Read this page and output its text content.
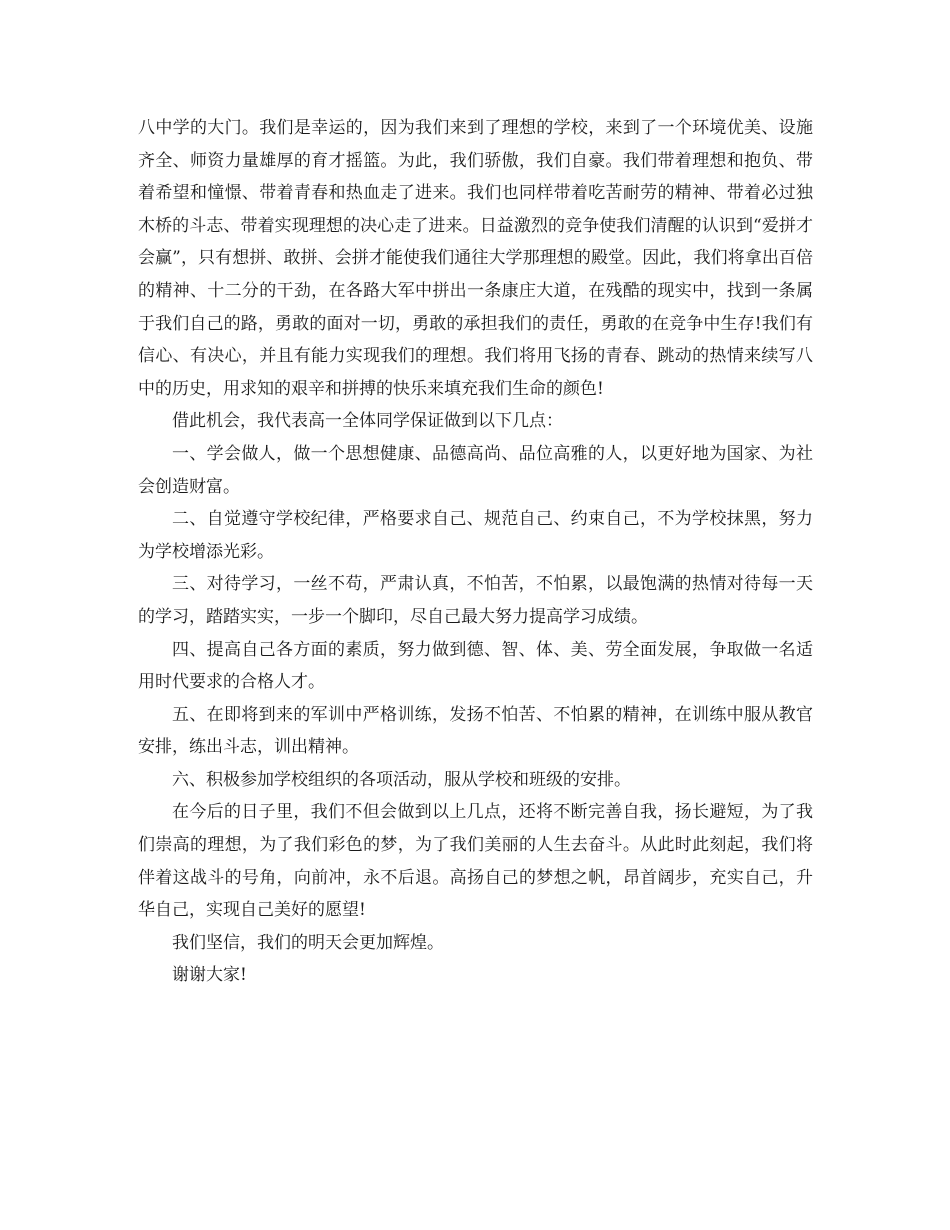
八中学的大门。我们是幸运的，因为我们来到了理想的学校，来到了一个环境优美、设施齐全、师资力量雄厚的育才摇篮。为此，我们骄傲，我们自豪。我们带着理想和抱负、带着希望和憧憬、带着青春和热血走了进来。我们也同样带着吃苦耐劳的精神、带着必过独木桥的斗志、带着实现理想的决心走了进来。日益激烈的竞争使我们清醒的认识到“爱拼才会赢”，只有想拼、敢拼、会拼才能使我们通往大学那理想的殿堂。因此，我们将拿出百倍的精神、十二分的干劲，在各路大军中拼出一条康庄大道，在残酷的现实中，找到一条属于我们自己的路，勇敢的面对一切，勇敢的承担我们的责任，勇敢的在竞争中生存!我们有信心、有决心，并且有能力实现我们的理想。我们将用飞扬的青春、跳动的热情来续写八中的历史，用求知的艰辛和拼搏的快乐来填充我们生命的颜色!

借此机会，我代表高一全体同学保证做到以下几点：

一、学会做人，做一个思想健康、品德高尚、品位高雅的人，以更好地为国家、为社会创造财富。

二、自觉遵守学校纪律，严格要求自己、规范自己、约束自己，不为学校抹黑，努力为学校增添光彩。

三、对待学习，一丝不苟，严肃认真，不怕苦，不怕累，以最饱满的热情对待每一天的学习，踏踏实实，一步一个脚印，尽自己最大努力提高学习成绩。

四、提高自己各方面的素质，努力做到德、智、体、美、劳全面发展，争取做一名适用时代要求的合格人才。

五、在即将到来的军训中严格训练，发扬不怕苦、不怕累的精神，在训练中服从教官安排，练出斗志，训出精神。

六、积极参加学校组织的各项活动，服从学校和班级的安排。

在今后的日子里，我们不但会做到以上几点，还将不断完善自我，扬长避短，为了我们崇高的理想，为了我们彩色的梦，为了我们美丽的人生去奋斗。从此时此刻起，我们将伴着这战斗的号角，向前冲，永不后退。高扬自己的梦想之帆，昂首阔步，充实自己，升华自己，实现自己美好的愿望!

我们坚信，我们的明天会更加辉煌。

谢谢大家!
